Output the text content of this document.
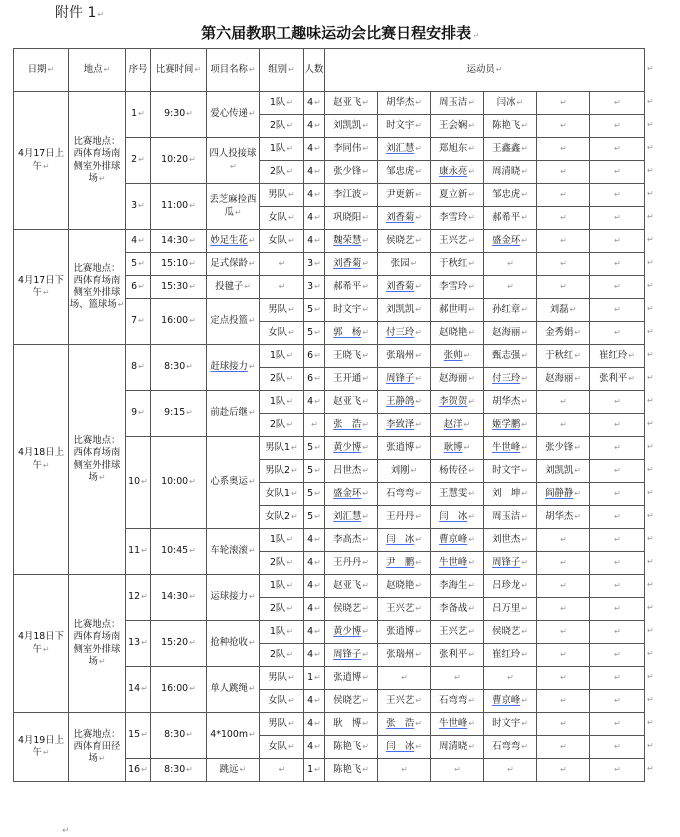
附件 1↵
第六届教职工趣味运动会比赛日程安排表↵
日期↵	地点↵	序号	比赛时间↵	项目名称↵	组别↵	人数	运动员↵					
4月17日上午↵	比赛地点：西体育场南侧室外排球场↵	1↵	9:30↵	爱心传递↵	1队↵	4↵	赵亚飞↵	胡华杰↵	周玉洁↵	闫冰↵	↵	↵
					2队↵	4↵	刘凯凯↵	时文宇↵	王会娴↵	陈艳飞↵	↵	↵
		2↵	10:20↵	四人投接球↵	1队↵	4↵	李同伟↵	刘汇慧↵	郑旭东↵	王鑫鑫↵	↵	↵
					2队↵	4↵	张少锋↵	邹忠虎↵	康永亮↵	周清晓↵	↵	↵
		3↵	11:00↵	丢芝麻捡西瓜↵	男队↵	4↵	李江波↵	尹更新↵	夏立新↵	邹忠虎↵	↵	↵
					女队↵	4↵	巩晓阳↵	刘香菊↵	李雪玲↵	郝希平↵	↵	↵
4月17日下午↵	比赛地点：西体育场南侧室外排球场、篮球场↵	4↵	14:30↵	妙足生花↵	女队↵	4↵	魏荣慧↵	侯晓艺↵	王兴艺↵	盛金环↵	↵	↵
		5↵	15:10↵	足式保龄↵	↵	3↵	刘香菊↵	张园↵	于秋红↵	↵	↵	↵
		6↵	15:30↵	投毽子↵	↵	3↵	郝希平↵	刘香菊↵	李雪玲↵	↵	↵	↵
		7↵	16:00↵	定点投篮↵	男队↵	5↵	时文宇↵	刘凯凯↵	郝世明↵	孙红章↵	刘磊↵	↵
					女队↵	5↵	郭　杨↵	付三玲↵	赵晓艳↵	赵海丽↵	金秀娟↵	↵
4月18日上午↵	比赛地点：西体育场南侧室外排球场↵	8↵	8:30↵	赶球接力↵	1队↵	6↵	王晓飞↵	张瑞州↵	张帅↵	甄志强↵	于秋红↵	崔红玲↵
					2队↵	6↵	王开通↵	周锋子↵	赵海丽↵	付三玲↵	赵海丽↵	张利平↵
		9↵	9:15↵	前赴后继↵	1队↵	4↵	赵亚飞↵	王静鸽↵	李贺贺↵	胡华杰↵	↵	↵
					2队↵	↵	张　浩↵	李致泽↵	赵洋↵	姬学鹏↵	↵	↵
		10↵	10:00↵	心系奥运↵	男队1↵	5↵	黄少博↵	张逍博↵	耿博↵	牛世峰↵	张少锋↵	↵
					男队2↵	5↵	吕世杰↵	刘刚↵	杨传径↵	时文宇↵	刘凯凯↵	↵
					女队1↵	5↵	盛金环↵	石弯弯↵	王慧雯↵	刘　坤↵	阎静静↵	↵
					女队2↵	5↵	刘汇慧↵	王丹丹↵	闫　冰↵	周玉洁↵	胡华杰↵	↵
		11↵	10:45↵	车轮滚滚↵	1队↵	4↵	李高杰↵	闫　冰↵	曹京峰↵	刘世杰↵	↵	↵
					2队↵	4↵	王丹丹↵	尹　鹏↵	牛世峰↵	周锋子↵	↵	↵
4月18日下午↵	比赛地点：西体育场南侧室外排球场↵	12↵	14:30↵	运球接力↵	1队↵	4↵	赵亚飞↵	赵晓艳↵	李海生↵	吕珍龙↵	↵	↵
					2队↵	4↵	侯晓艺↵	王兴艺↵	李备战↵	吕万里↵	↵	↵
		13↵	15:20↵	抢种抢收↵	1队↵	4↵	黄少博↵	张逍博↵	王兴艺↵	侯晓艺↵	↵	↵
					2队↵	4↵	周锋子↵	张瑞州↵	张利平↵	崔红玲↵	↵	↵
		14↵	16:00↵	单人跳绳↵	男队↵	1↵	张逍博↵	↵	↵	↵	↵	↵
					女队↵	4↵	侯晓艺↵	王兴艺↵	石弯弯↵	曹京峰↵	↵	↵
4月19日上午↵	比赛地点：西体育田径场↵	15↵	8:30↵	4*100m↵	男队↵	4↵	耿　博↵	张　浩↵	牛世峰↵	时文宇↵	↵	↵
					女队↵	4↵	陈艳飞↵	闫　冰↵	周清晓↵	石弯弯↵	↵	↵
		16↵	8:30↵	跳远↵	↵	1↵	陈艳飞↵	↵	↵	↵	↵	↵
↵
↵
↵
↵
↵
↵
↵
↵
↵
↵
↵
↵
↵
↵
↵
↵
↵
↵
↵
↵
↵
↵
↵
↵
↵
↵
↵
↵
↵
↵
↵
↵
